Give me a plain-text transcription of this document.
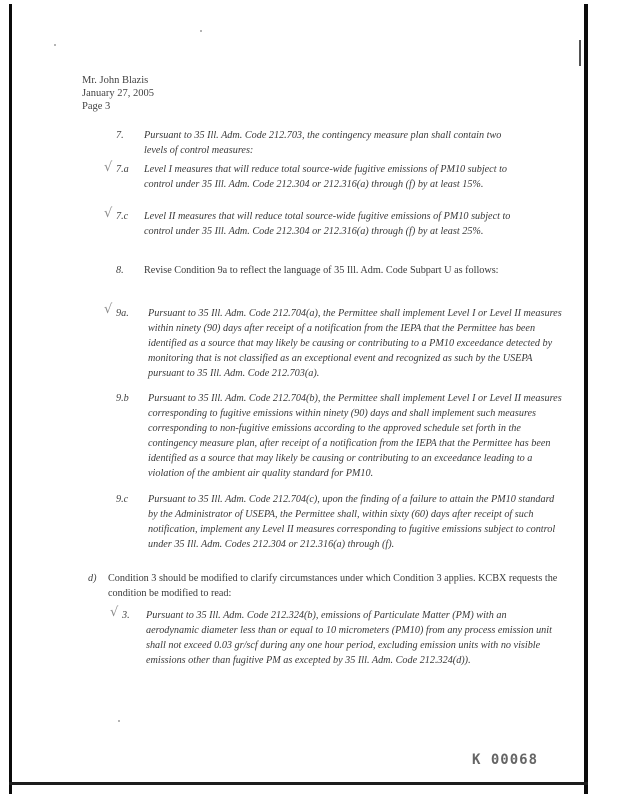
Mr. John Blazis
January 27, 2005
Page 3
7. Pursuant to 35 Ill. Adm. Code 212.703, the contingency measure plan shall contain two levels of control measures:
√ 7.a Level I measures that will reduce total source-wide fugitive emissions of PM10 subject to control under 35 Ill. Adm. Code 212.304 or 212.316(a) through (f) by at least 15%.
√ 7.c Level II measures that will reduce total source-wide fugitive emissions of PM10 subject to control under 35 Ill. Adm. Code 212.304 or 212.316(a) through (f) by at least 25%.
8. Revise Condition 9a to reflect the language of 35 Ill. Adm. Code Subpart U as follows:
√ 9a. Pursuant to 35 Ill. Adm. Code 212.704(a), the Permittee shall implement Level I or Level II measures within ninety (90) days after receipt of a notification from the IEPA that the Permittee has been identified as a source that may likely be causing or contributing to a PM10 exceedance detected by monitoring that is not classified as an exceptional event and recognized as such by the USEPA pursuant to 35 Ill. Adm. Code 212.703(a).
9.b Pursuant to 35 Ill. Adm. Code 212.704(b), the Permittee shall implement Level I or Level II measures corresponding to fugitive emissions within ninety (90) days and shall implement such measures corresponding to non-fugitive emissions according to the approved schedule set forth in the contingency measure plan, after receipt of a notification from the IEPA that the Permittee has been identified as a source that may likely be causing or contributing to an exceedance leading to a violation of the ambient air quality standard for PM10.
9.c Pursuant to 35 Ill. Adm. Code 212.704(c), upon the finding of a failure to attain the PM10 standard by the Administrator of USEPA, the Permittee shall, within sixty (60) days after receipt of such notification, implement any Level II measures corresponding to fugitive emissions subject to control under 35 Ill. Adm. Codes 212.304 or 212.316(a) through (f).
d) Condition 3 should be modified to clarify circumstances under which Condition 3 applies. KCBX requests the condition be modified to read:
√ 3. Pursuant to 35 Ill. Adm. Code 212.324(b), emissions of Particulate Matter (PM) with an aerodynamic diameter less than or equal to 10 micrometers (PM10) from any process emission unit shall not exceed 0.03 gr/scf during any one hour period, excluding emission units with no visible emissions other than fugitive PM as excepted by 35 Ill. Adm. Code 212.324(d)).
K 00068
